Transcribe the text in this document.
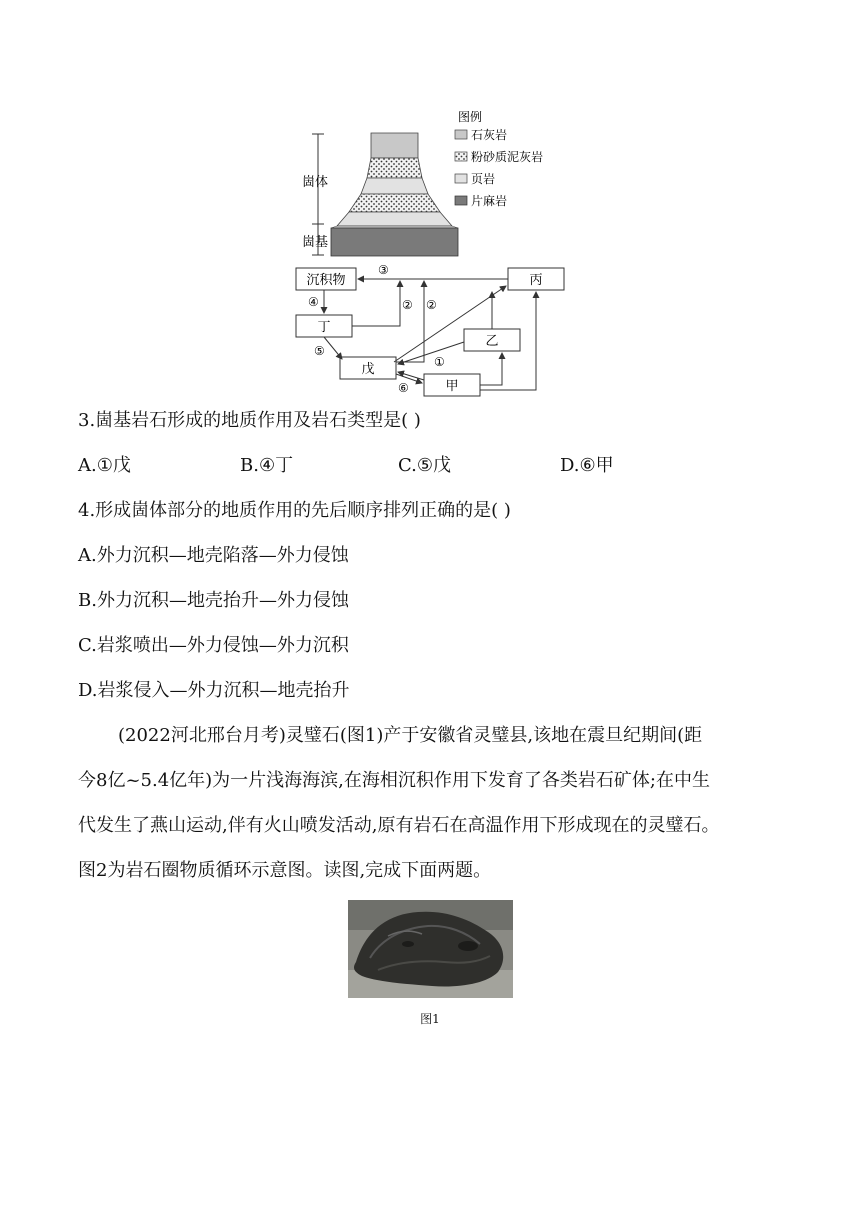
崮体
崮基
图例
石灰岩
粉砂质泥灰岩
页岩
片麻岩
沉积物	丙
丁
乙
戊
甲
③
④	② ②
⑤
①
⑥
3.崮基岩石形成的地质作用及岩石类型是( )
A.①戊	B.④丁	C.⑤戊	D.⑥甲
4.形成崮体部分的地质作用的先后顺序排列正确的是( )
A.外力沉积—地壳陷落—外力侵蚀
B.外力沉积—地壳抬升—外力侵蚀
C.岩浆喷出—外力侵蚀—外力沉积
D.岩浆侵入—外力沉积—地壳抬升
(2022河北邢台月考)灵璧石(图1)产于安徽省灵璧县,该地在震旦纪期间(距
今8亿~5.4亿年)为一片浅海海滨,在海相沉积作用下发育了各类岩石矿体;在中生
代发生了燕山运动,伴有火山喷发活动,原有岩石在高温作用下形成现在的灵璧石。
图2为岩石圈物质循环示意图。读图,完成下面两题。
图1
